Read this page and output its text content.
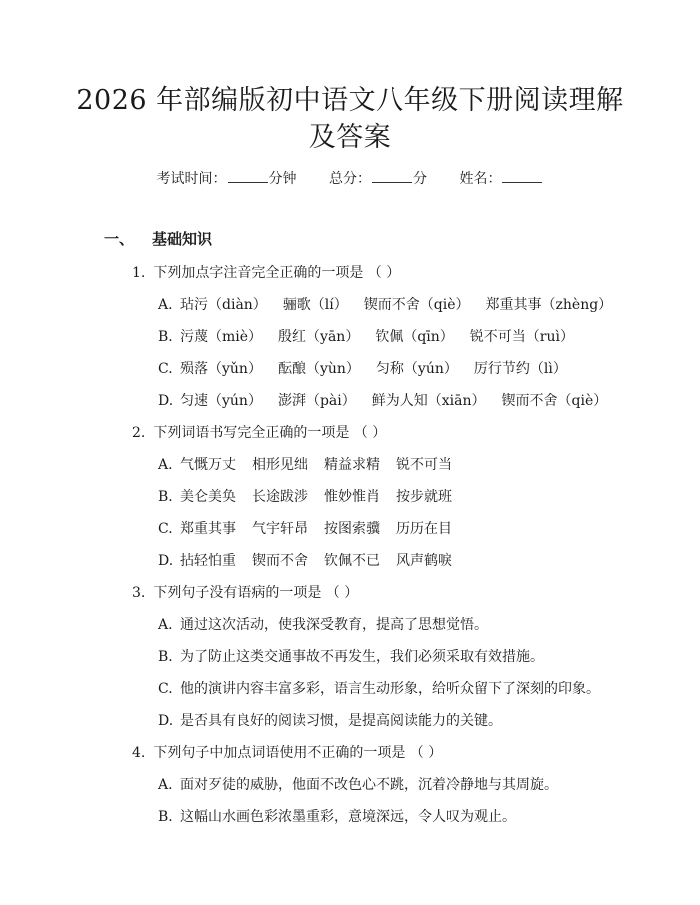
2026 年部编版初中语文八年级下册阅读理解
及答案
考试时间：	分钟 总分：	分 姓名：
一、 基础知识
1. 下列加点字注音完全正确的一项是 （ ）
A. 玷污（diàn） 骊歌（lí） 锲而不舍（qiè） 郑重其事（zhèng）
B. 污蔑（miè） 殷红（yān） 钦佩（qīn） 锐不可当（ruì）
C. 殒落（yǔn） 酝酿（yùn） 匀称（yún） 厉行节约（lì）
D. 匀速（yún） 澎湃（pài） 鲜为人知（xiān） 锲而不舍（qiè）
2. 下列词语书写完全正确的一项是 （ ）
A. 气慨万丈 相形见绌 精益求精 锐不可当
B. 美仑美奂 长途跋涉 惟妙惟肖 按步就班
C. 郑重其事 气宇轩昂 按图索骥 历历在目
D. 拈轻怕重 锲而不舍 钦佩不已 风声鹤唳
3. 下列句子没有语病的一项是 （ ）
A. 通过这次活动，使我深受教育，提高了思想觉悟。
B. 为了防止这类交通事故不再发生，我们必须采取有效措施。
C. 他的演讲内容丰富多彩，语言生动形象，给听众留下了深刻的印象。
D. 是否具有良好的阅读习惯，是提高阅读能力的关键。
4. 下列句子中加点词语使用不正确的一项是 （ ）
A. 面对歹徒的威胁，他面不改色心不跳，沉着冷静地与其周旋。
B. 这幅山水画色彩浓墨重彩，意境深远，令人叹为观止。
